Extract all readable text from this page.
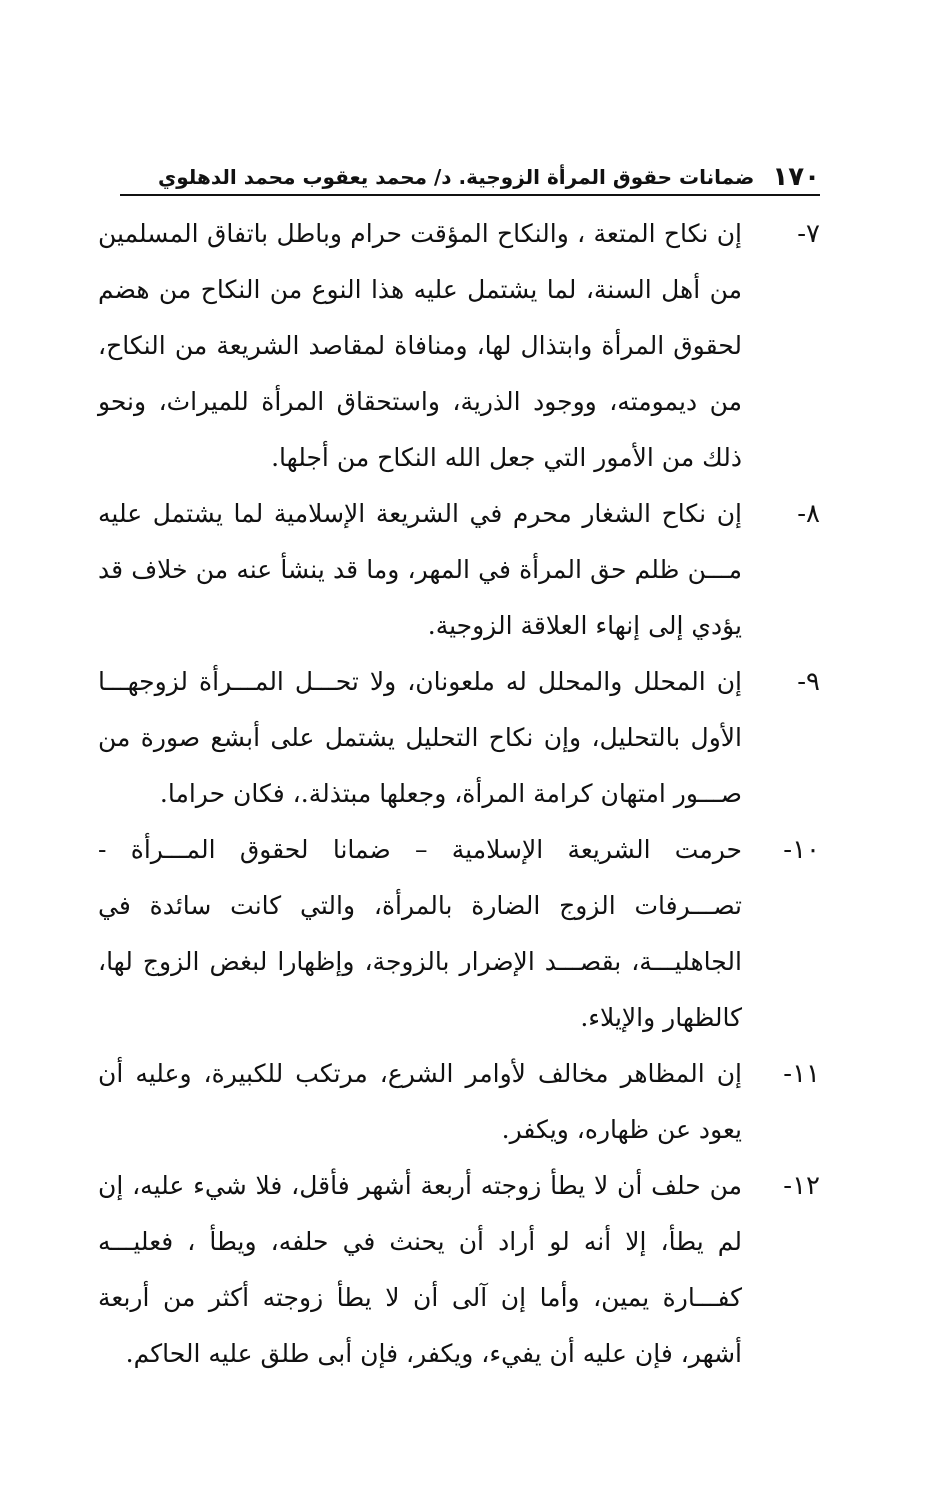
١٧٠
ضمانات حقوق المرأة الزوجية. د/ محمد يعقوب محمد الدهلوي
٧-
إن نكاح المتعة ، والنكاح المؤقت حرام وباطل باتفاق المسلمين من أهل السنة، لما يشتمل عليه هذا النوع من النكاح من هضم لحقوق المرأة وابتذال لها، ومنافاة لمقاصد الشريعة من النكاح، من ديمومته، ووجود الذرية، واستحقاق المرأة للميراث، ونحو ذلك من الأمور التي جعل الله النكاح من أجلها.
٨-
إن نكاح الشغار محرم في الشريعة الإسلامية لما يشتمل عليه مـــن ظلم حق المرأة في المهر، وما قد ينشأ عنه من خلاف قد يؤدي إلى إنهاء العلاقة الزوجية.
٩-
إن المحلل والمحلل له ملعونان، ولا تحـــل المـــرأة لزوجهـــا الأول بالتحليل، وإن نكاح التحليل يشتمل على أبشع صورة من صـــور امتهان كرامة المرأة، وجعلها مبتذلة.، فكان حراما.
١٠-
حرمت الشريعة الإسلامية – ضمانا لحقوق المـــرأة - تصـــرفات الزوج الضارة بالمرأة، والتي كانت سائدة في الجاهليـــة، بقصـــد الإضرار بالزوجة، وإظهارا لبغض الزوج لها، كالظهار والإيلاء.
١١-
إن المظاهر مخالف لأوامر الشرع، مرتكب للكبيرة، وعليه أن يعود عن ظهاره، ويكفر.
١٢-
من حلف أن لا يطأ زوجته أربعة أشهر فأقل، فلا شيء عليه، إن لم يطأ، إلا أنه لو أراد أن يحنث في حلفه، ويطأ ، فعليـــه كفـــارة يمين، وأما إن آلى أن لا يطأ زوجته أكثر من أربعة أشهر، فإن عليه أن يفيء، ويكفر، فإن أبى طلق عليه الحاكم.
